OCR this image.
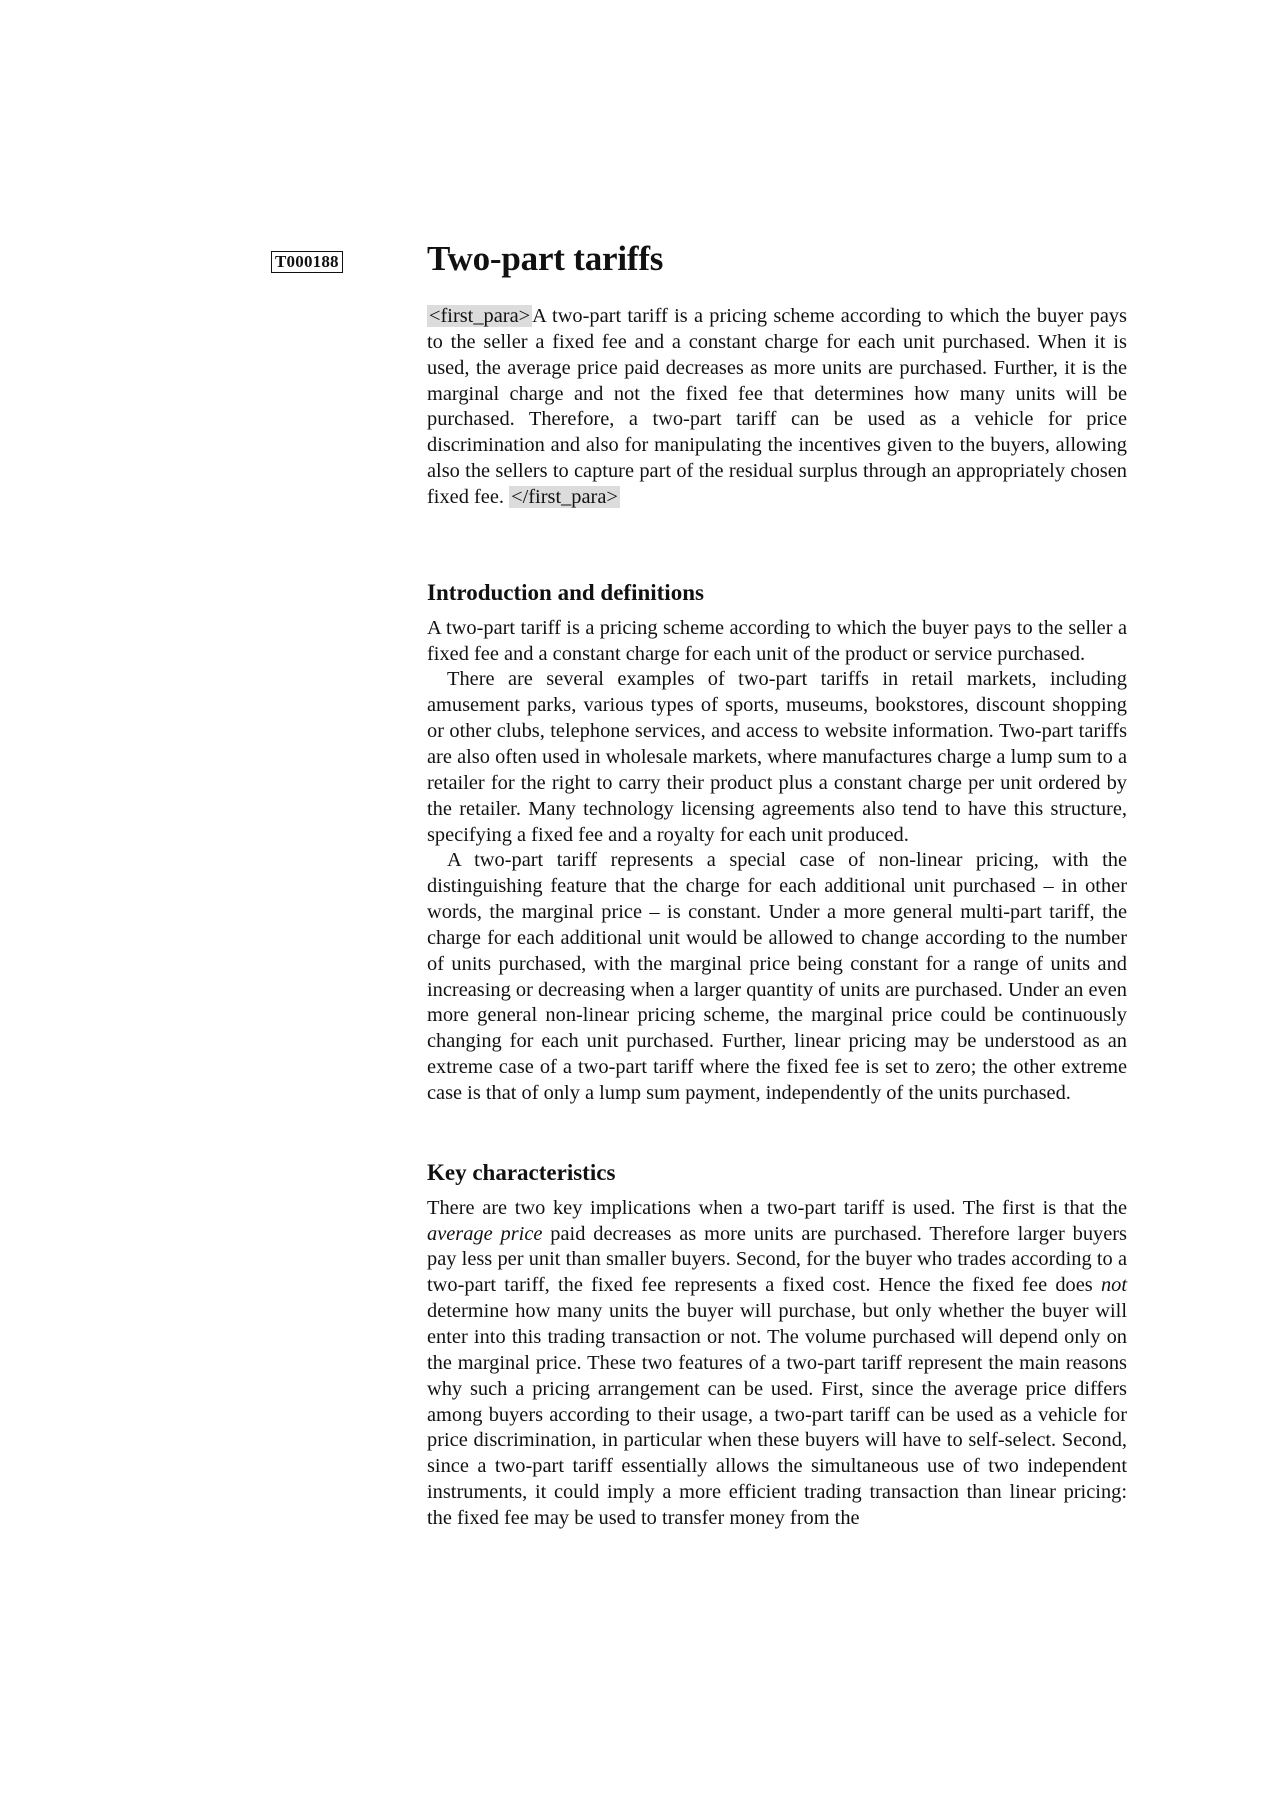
T000188	Two-part tariffs

<first_para>A two-part tariff is a pricing scheme according to which the buyer pays to the seller a fixed fee and a constant charge for each unit purchased. When it is used, the average price paid decreases as more units are purchased. Further, it is the marginal charge and not the fixed fee that determines how many units will be purchased. Therefore, a two-part tariff can be used as a vehicle for price discrimination and also for manipulating the incentives given to the buyers, allowing also the sellers to capture part of the residual surplus through an appropriately chosen fixed fee. </first_para>

Introduction and definitions

A two-part tariff is a pricing scheme according to which the buyer pays to the seller a fixed fee and a constant charge for each unit of the product or service purchased.

There are several examples of two-part tariffs in retail markets, including amusement parks, various types of sports, museums, bookstores, discount shopping or other clubs, telephone services, and access to website information. Two-part tariffs are also often used in wholesale markets, where manufactures charge a lump sum to a retailer for the right to carry their product plus a constant charge per unit ordered by the retailer. Many technology licensing agreements also tend to have this structure, specifying a fixed fee and a royalty for each unit produced.

A two-part tariff represents a special case of non-linear pricing, with the distinguishing feature that the charge for each additional unit purchased – in other words, the marginal price – is constant. Under a more general multi-part tariff, the charge for each additional unit would be allowed to change according to the number of units purchased, with the marginal price being constant for a range of units and increasing or decreasing when a larger quantity of units are purchased. Under an even more general non-linear pricing scheme, the marginal price could be continuously changing for each unit purchased. Further, linear pricing may be understood as an extreme case of a two-part tariff where the fixed fee is set to zero; the other extreme case is that of only a lump sum payment, independently of the units purchased.

Key characteristics

There are two key implications when a two-part tariff is used. The first is that the average price paid decreases as more units are purchased. Therefore larger buyers pay less per unit than smaller buyers. Second, for the buyer who trades according to a two-part tariff, the fixed fee represents a fixed cost. Hence the fixed fee does not determine how many units the buyer will purchase, but only whether the buyer will enter into this trading transaction or not. The volume purchased will depend only on the marginal price. These two features of a two-part tariff represent the main reasons why such a pricing arrangement can be used. First, since the average price differs among buyers according to their usage, a two-part tariff can be used as a vehicle for price discrimination, in particular when these buyers will have to self-select. Second, since a two-part tariff essentially allows the simultaneous use of two independent instruments, it could imply a more efficient trading transaction than linear pricing: the fixed fee may be used to transfer money from the
